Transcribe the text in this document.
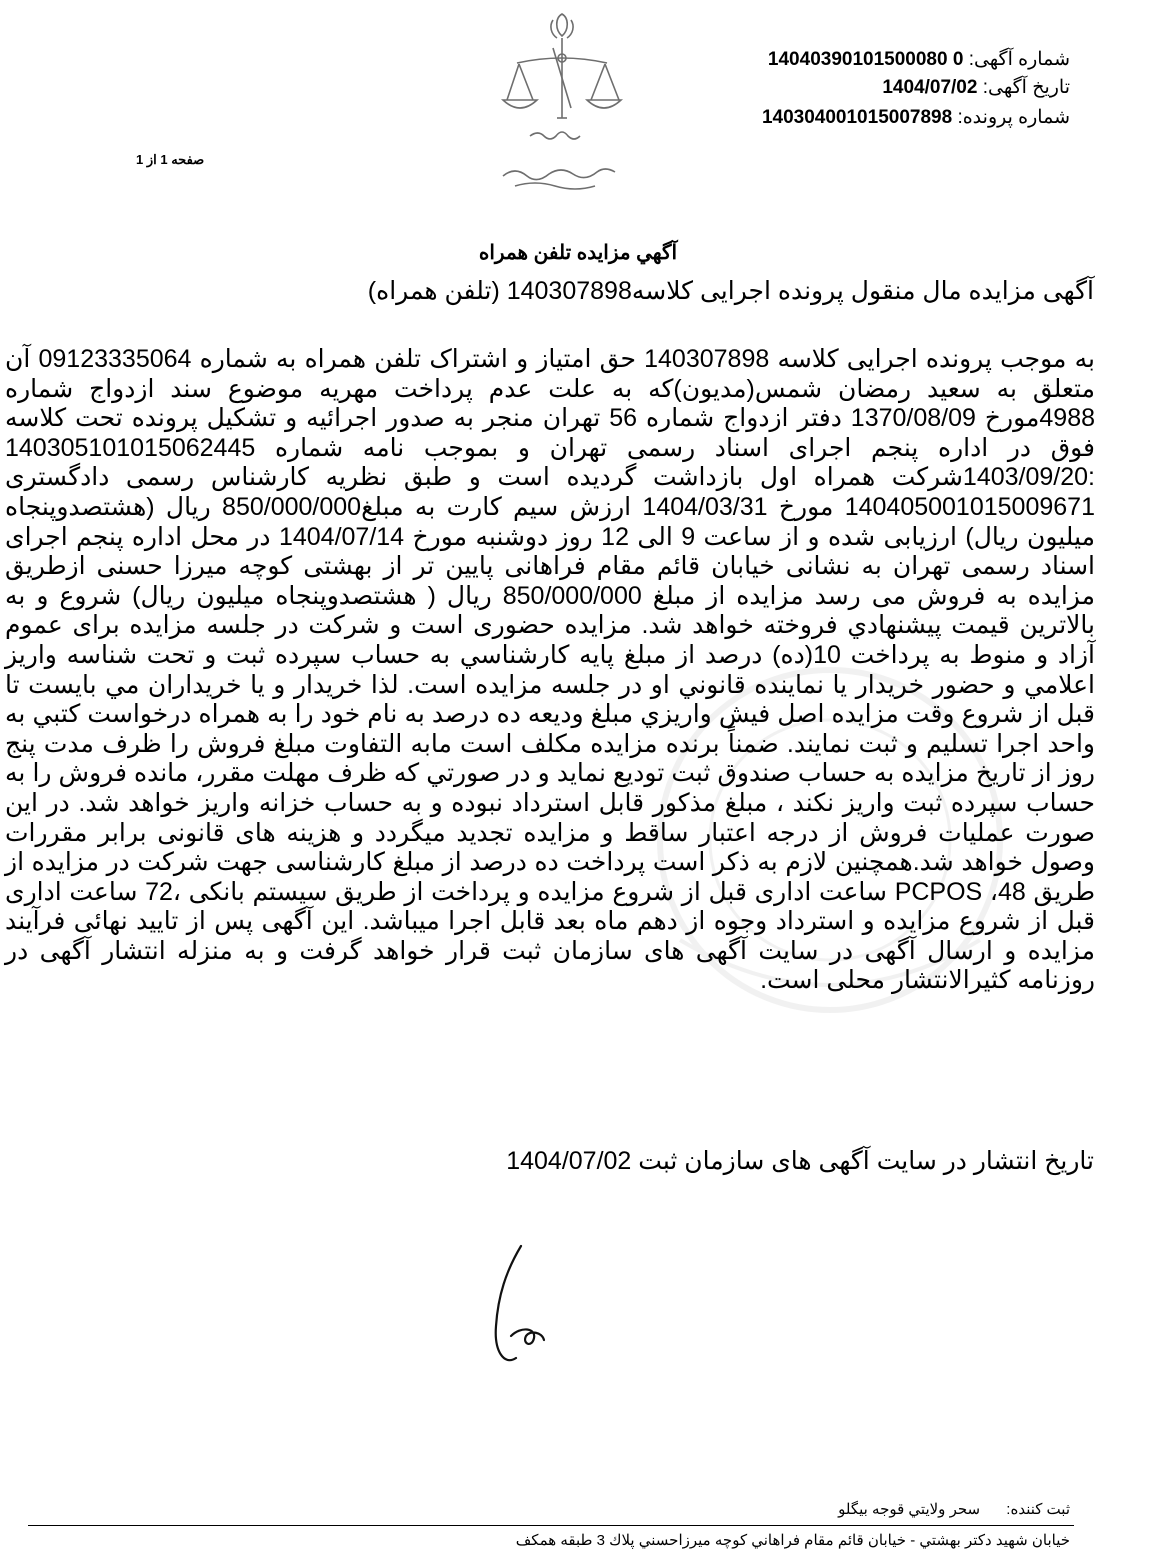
شماره آگهی: 14040390101500080 0
تاریخ آگهی: 1404/07/02
شماره پرونده: 140304001015007898
صفحه 1 از 1
آگهي مزايده تلفن همراه
آگهی مزایده مال منقول پرونده اجرایی کلاسه140307898 (تلفن همراه)
به موجب پرونده اجرایی کلاسه 140307898 حق امتیاز و اشتراک تلفن همراه به شماره 09123335064 آن متعلق به سعید رمضان شمس(مدیون)که به علت عدم پرداخت مهریه موضوع سند ازدواج شماره 4988مورخ 1370/08/09 دفتر ازدواج شماره 56 تهران منجر به صدور اجرائیه و تشکیل پرونده تحت کلاسه فوق در اداره پنجم اجرای اسناد رسمی تهران و بموجب نامه شماره 140305101015062445 :1403/09/20شرکت همراه اول بازداشت گردیده است و طبق نظریه کارشناس رسمی دادگستری 140405001015009671 مورخ 1404/03/31 ارزش سیم کارت به مبلغ850/000/000 ریال (هشتصدوپنجاه میلیون ریال) ارزیابی شده و از ساعت 9 الی 12 روز دوشنبه مورخ 1404/07/14 در محل اداره پنجم اجرای اسناد رسمی تهران به نشانی خیابان قائم مقام فراهانی پایین تر از بهشتی کوچه میرزا حسنی ازطریق مزایده به فروش می رسد مزایده از مبلغ 850/000/000 ریال ( هشتصدوپنجاه میلیون ریال) شروع و به بالاترين قيمت پيشنهادي فروخته خواهد شد. مزايده حضوری است و شرکت در جلسه مزایده برای عموم آزاد و منوط به پرداخت 10(ده) درصد از مبلغ پايه كارشناسي به حساب سپرده ثبت و تحت شناسه واريز اعلامي و حضور خريدار يا نماينده قانوني او در جلسه مزايده است. لذا خريدار و يا خريداران مي بايست تا قبل از شروع وقت مزايده اصل فيش واريزي مبلغ وديعه ده درصد به نام خود را به همراه درخواست كتبي به واحد اجرا تسليم و ثبت نمايند. ضمناً برنده مزايده مكلف است مابه التفاوت مبلغ فروش را ظرف مدت پنج روز از تاريخ مزايده به حساب صندوق ثبت توديع نمايد و در صورتي كه ظرف مهلت مقرر، مانده فروش را به حساب سپرده ثبت واريز نكند ، مبلغ مذكور قابل استرداد نبوده و به حساب خزانه واريز خواهد شد. در اين صورت عمليات فروش از درجه اعتبار ساقط و مزايده تجديد ميگردد و هزينه های قانونی برابر مقررات وصول خواهد شد.همچنین لازم به ذکر است پرداخت ده درصد از مبلغ کارشناسی جهت شرکت در مزایده از طریق 48، PCPOS ساعت اداری قبل از شروع مزایده و پرداخت از طریق سیستم بانکی ،72 ساعت اداری قبل از شروع مزایده و استرداد وجوه از دهم ماه بعد قابل اجرا میباشد. این آگهی پس از تایید نهائی فرآیند مزایده و ارسال آگهی در سایت آگهی های سازمان ثبت قرار خواهد گرفت و به منزله انتشار آگهی در روزنامه کثیرالانتشار محلی است.
تاریخ انتشار در سایت آگهی های سازمان ثبت 1404/07/02
ثبت كننده: سحر ولايتي قوجه بيگلو
خيابان شهيد دكتر بهشتي - خيابان قائم مقام فراهاني كوچه ميرزاحسني پلاك 3 طبقه همكف
